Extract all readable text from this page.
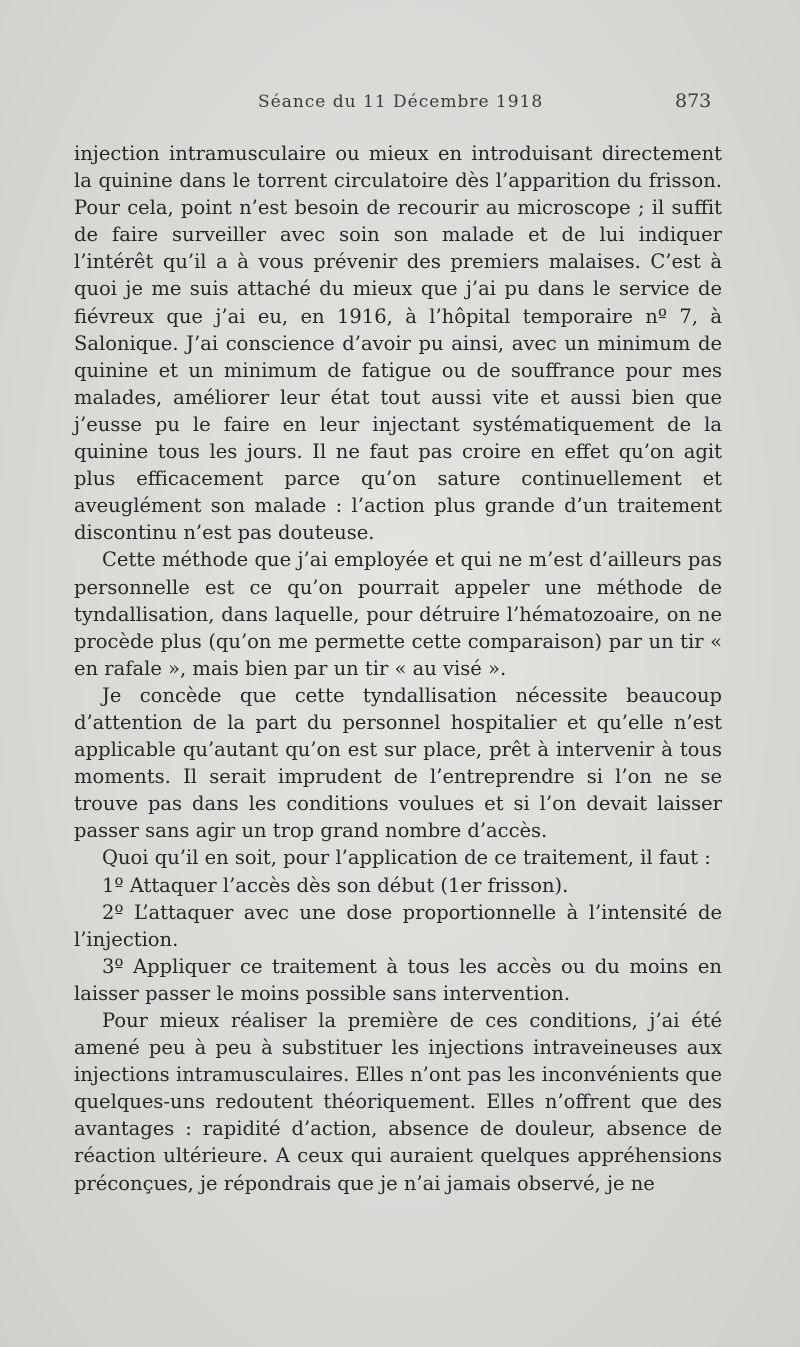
Séance du 11 Décembre 1918	873

injection intramusculaire ou mieux en introduisant directement la quinine dans le torrent circulatoire dès l’apparition du frisson. Pour cela, point n’est besoin de recourir au microscope ; il suffit de faire surveiller avec soin son malade et de lui indiquer l’intérêt qu’il a à vous prévenir des premiers malaises. C’est à quoi je me suis attaché du mieux que j’ai pu dans le service de fiévreux que j’ai eu, en 1916, à l’hôpital temporaire nº 7, à Salonique. J’ai conscience d’avoir pu ainsi, avec un minimum de quinine et un minimum de fatigue ou de souffrance pour mes malades, améliorer leur état tout aussi vite et aussi bien que j’eusse pu le faire en leur injectant systématiquement de la quinine tous les jours. Il ne faut pas croire en effet qu’on agit plus efficacement parce qu’on sature continuellement et aveuglément son malade : l’action plus grande d’un traitement discontinu n’est pas douteuse.

Cette méthode que j’ai employée et qui ne m’est d’ailleurs pas personnelle est ce qu’on pourrait appeler une méthode de tyndallisation, dans laquelle, pour détruire l’hématozoaire, on ne procède plus (qu’on me permette cette comparaison) par un tir « en rafale », mais bien par un tir « au visé ».

Je concède que cette tyndallisation nécessite beaucoup d’attention de la part du personnel hospitalier et qu’elle n’est applicable qu’autant qu’on est sur place, prêt à intervenir à tous moments. Il serait imprudent de l’entreprendre si l’on ne se trouve pas dans les conditions voulues et si l’on devait laisser passer sans agir un trop grand nombre d’accès.

Quoi qu’il en soit, pour l’application de ce traitement, il faut :

1º Attaquer l’accès dès son début (1er frisson).

2º L’attaquer avec une dose proportionnelle à l’intensité de l’injection.

3º Appliquer ce traitement à tous les accès ou du moins en laisser passer le moins possible sans intervention.

Pour mieux réaliser la première de ces conditions, j’ai été amené peu à peu à substituer les injections intraveineuses aux injections intramusculaires. Elles n’ont pas les inconvénients que quelques-uns redoutent théoriquement. Elles n’offrent que des avantages : rapidité d’action, absence de douleur, absence de réaction ultérieure. A ceux qui auraient quelques appréhensions préconçues, je répondrais que je n’ai jamais observé, je ne
